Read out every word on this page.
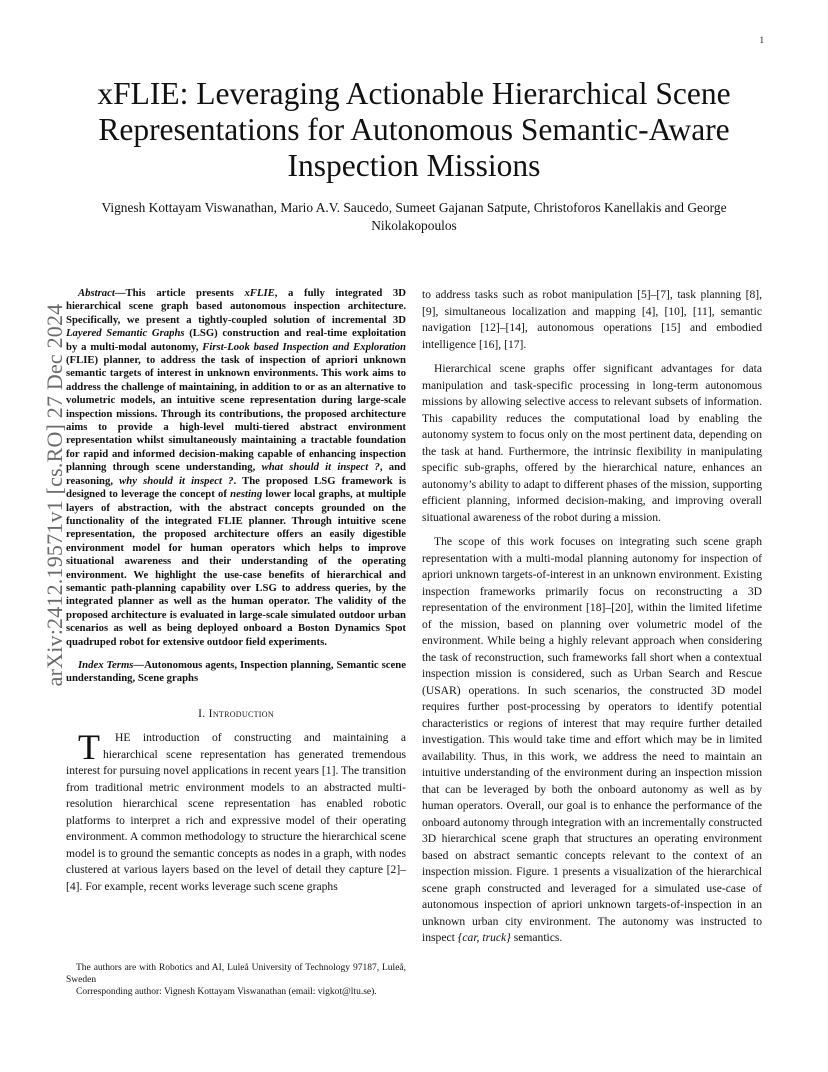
1
arXiv:2412.19571v1 [cs.RO] 27 Dec 2024
xFLIE: Leveraging Actionable Hierarchical Scene Representations for Autonomous Semantic-Aware Inspection Missions
Vignesh Kottayam Viswanathan, Mario A.V. Saucedo, Sumeet Gajanan Satpute, Christoforos Kanellakis and George Nikolakopoulos

Abstract—This article presents xFLIE, a fully integrated 3D hierarchical scene graph based autonomous inspection architecture. Specifically, we present a tightly-coupled solution of incremental 3D Layered Semantic Graphs (LSG) construction and real-time exploitation by a multi-modal autonomy, First-Look based Inspection and Exploration (FLIE) planner, to address the task of inspection of apriori unknown semantic targets of interest in unknown environments. This work aims to address the challenge of maintaining, in addition to or as an alternative to volumetric models, an intuitive scene representation during large-scale inspection missions. Through its contributions, the proposed architecture aims to provide a high-level multi-tiered abstract environment representation whilst simultaneously maintaining a tractable foundation for rapid and informed decision-making capable of enhancing inspection planning through scene understanding, what should it inspect ?, and reasoning, why should it inspect ?. The proposed LSG framework is designed to leverage the concept of nesting lower local graphs, at multiple layers of abstraction, with the abstract concepts grounded on the functionality of the integrated FLIE planner. Through intuitive scene representation, the proposed architecture offers an easily digestible environment model for human operators which helps to improve situational awareness and their understanding of the operating environment. We highlight the use-case benefits of hierarchical and semantic path-planning capability over LSG to address queries, by the integrated planner as well as the human operator. The validity of the proposed architecture is evaluated in large-scale simulated outdoor urban scenarios as well as being deployed onboard a Boston Dynamics Spot quadruped robot for extensive outdoor field experiments.

Index Terms—Autonomous agents, Inspection planning, Semantic scene understanding, Scene graphs

I. Introduction

T HE introduction of constructing and maintaining a hierarchical scene representation has generated tremendous interest for pursuing novel applications in recent years [1]. The transition from traditional metric environment models to an abstracted multi-resolution hierarchical scene representation has enabled robotic platforms to interpret a rich and expressive model of their operating environment. A common methodology to structure the hierarchical scene model is to ground the semantic concepts as nodes in a graph, with nodes clustered at various layers based on the level of detail they capture [2]–[4]. For example, recent works leverage such scene graphs

to address tasks such as robot manipulation [5]–[7], task planning [8], [9], simultaneous localization and mapping [4], [10], [11], semantic navigation [12]–[14], autonomous operations [15] and embodied intelligence [16], [17].

Hierarchical scene graphs offer significant advantages for data manipulation and task-specific processing in long-term autonomous missions by allowing selective access to relevant subsets of information. This capability reduces the computational load by enabling the autonomy system to focus only on the most pertinent data, depending on the task at hand. Furthermore, the intrinsic flexibility in manipulating specific sub-graphs, offered by the hierarchical nature, enhances an autonomy’s ability to adapt to different phases of the mission, supporting efficient planning, informed decision-making, and improving overall situational awareness of the robot during a mission.

The scope of this work focuses on integrating such scene graph representation with a multi-modal planning autonomy for inspection of apriori unknown targets-of-interest in an unknown environment. Existing inspection frameworks primarily focus on reconstructing a 3D representation of the environment [18]–[20], within the limited lifetime of the mission, based on planning over volumetric model of the environment. While being a highly relevant approach when considering the task of reconstruction, such frameworks fall short when a contextual inspection mission is considered, such as Urban Search and Rescue (USAR) operations. In such scenarios, the constructed 3D model requires further post-processing by operators to identify potential characteristics or regions of interest that may require further detailed investigation. This would take time and effort which may be in limited availability. Thus, in this work, we address the need to maintain an intuitive understanding of the environment during an inspection mission that can be leveraged by both the onboard autonomy as well as by human operators. Overall, our goal is to enhance the performance of the onboard autonomy through integration with an incrementally constructed 3D hierarchical scene graph that structures an operating environment based on abstract semantic concepts relevant to the context of an inspection mission. Figure. 1 presents a visualization of the hierarchical scene graph constructed and leveraged for a simulated use-case of autonomous inspection of apriori unknown targets-of-inspection in an unknown urban city environment. The autonomy was instructed to inspect {car, truck} semantics.

The authors are with Robotics and AI, Luleå University of Technology 97187, Luleå, Sweden

Corresponding author: Vignesh Kottayam Viswanathan (email: vigkot@ltu.se).
